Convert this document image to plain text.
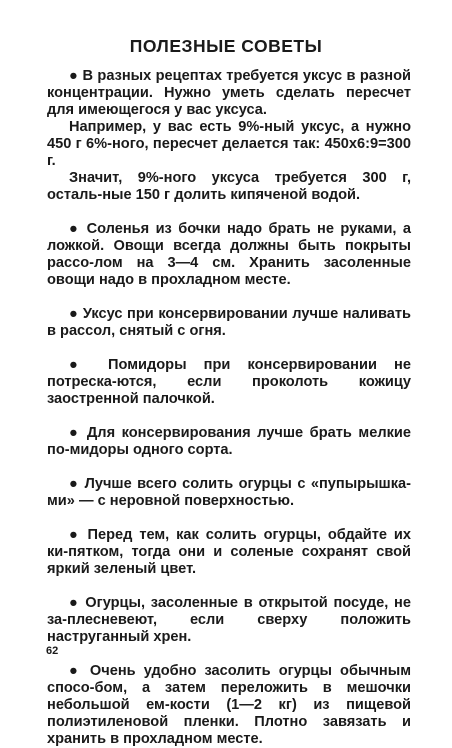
ПОЛЕЗНЫЕ СОВЕТЫ

● В разных рецептах требуется уксус в разной концентрации. Нужно уметь сделать пересчет для имеющегося у вас уксуса.

Например, у вас есть 9%-ный уксус, а нужно 450 г 6%-ного, пересчет делается так: 450х6:9=300 г.

Значит, 9%-ного уксуса требуется 300 г, осталь-ные 150 г долить кипяченой водой.

● Соленья из бочки надо брать не руками, а ложкой. Овощи всегда должны быть покрыты рассо-лом на 3—4 см. Хранить засоленные овощи надо в прохладном месте.

● Уксус при консервировании лучше наливать в рассол, снятый с огня.

● Помидоры при консервировании не потреска-ются, если проколоть кожицу заостренной палочкой.

● Для консервирования лучше брать мелкие по-мидоры одного сорта.

● Лучше всего солить огурцы с «пупырышка-ми» — с неровной поверхностью.

● Перед тем, как солить огурцы, обдайте их ки-пятком, тогда они и соленые сохранят свой яркий зеленый цвет.

● Огурцы, засоленные в открытой посуде, не за-плесневеют, если сверху положить наструганный хрен.

● Очень удобно засолить огурцы обычным спосо-бом, а затем переложить в мешочки небольшой ем-кости (1—2 кг) из пищевой полиэтиленовой пленки. Плотно завязать и хранить в прохладном месте.

62
